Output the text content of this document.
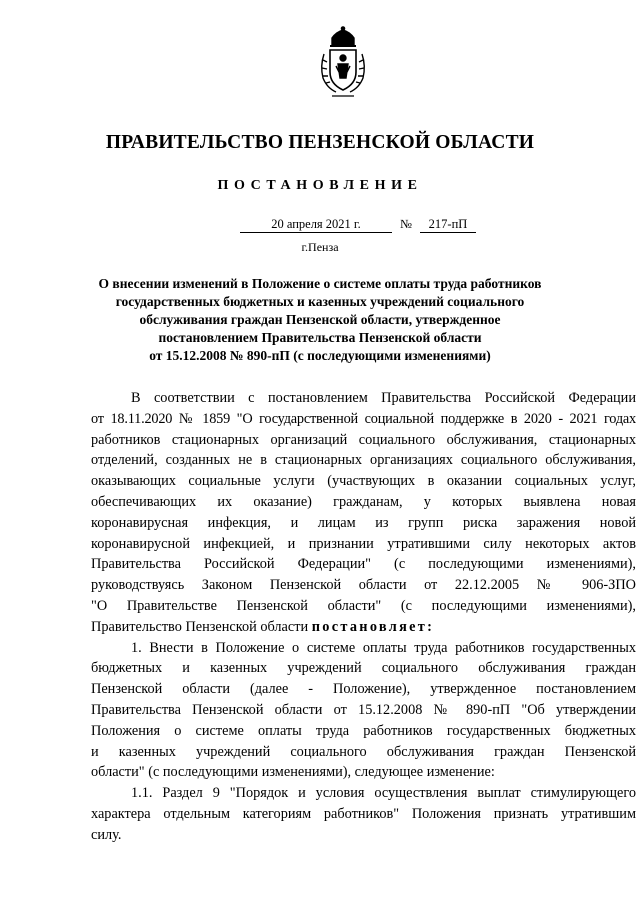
ПРАВИТЕЛЬСТВО ПЕНЗЕНСКОЙ ОБЛАСТИ
ПОСТАНОВЛЕНИЕ
20 апреля 2021 г.	№	217-пП
г.Пенза
О внесении изменений в Положение о системе оплаты труда работников
государственных бюджетных и казенных учреждений социального
обслуживания граждан Пензенской области, утвержденное
постановлением Правительства Пензенской области
от 15.12.2008 № 890-пП (с последующими изменениями)
В соответствии с постановлением Правительства Российской Федерации
от 18.11.2020 № 1859 "О государственной социальной поддержке в 2020 - 2021 годах
работников стационарных организаций социального обслуживания, стационарных
отделений, созданных не в стационарных организациях социального обслуживания,
оказывающих социальные услуги (участвующих в оказании социальных услуг,
обеспечивающих их оказание) гражданам, у которых выявлена новая
коронавирусная инфекция, и лицам из групп риска заражения новой
коронавирусной инфекцией, и признании утратившими силу некоторых актов
Правительства Российской Федерации" (с последующими изменениями),
руководствуясь Законом Пензенской области от 22.12.2005 № 906-ЗПО
"О Правительстве Пензенской области" (с последующими изменениями),
Правительство Пензенской области постановляет:
1. Внести в Положение о системе оплаты труда работников государственных
бюджетных и казенных учреждений социального обслуживания граждан
Пензенской области (далее - Положение), утвержденное постановлением
Правительства Пензенской области от 15.12.2008 № 890-пП "Об утверждении
Положения о системе оплаты труда работников государственных бюджетных
и казенных учреждений социального обслуживания граждан Пензенской
области" (с последующими изменениями), следующее изменение:
1.1. Раздел 9 "Порядок и условия осуществления выплат стимулирующего
характера отдельным категориям работников" Положения признать утратившим
силу.
